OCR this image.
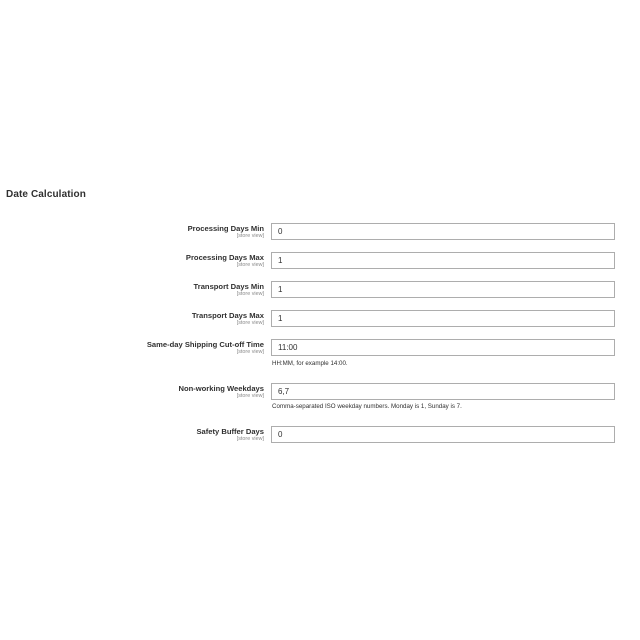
Date Calculation
Processing Days Min
[store view]
0
Processing Days Max
[store view]
1
Transport Days Min
[store view]
1
Transport Days Max
[store view]
1
Same-day Shipping Cut-off Time
[store view]
11:00
HH:MM, for example 14:00.
Non-working Weekdays
[store view]
6,7
Comma-separated ISO weekday numbers. Monday is 1, Sunday is 7.
Safety Buffer Days
[store view]
0
